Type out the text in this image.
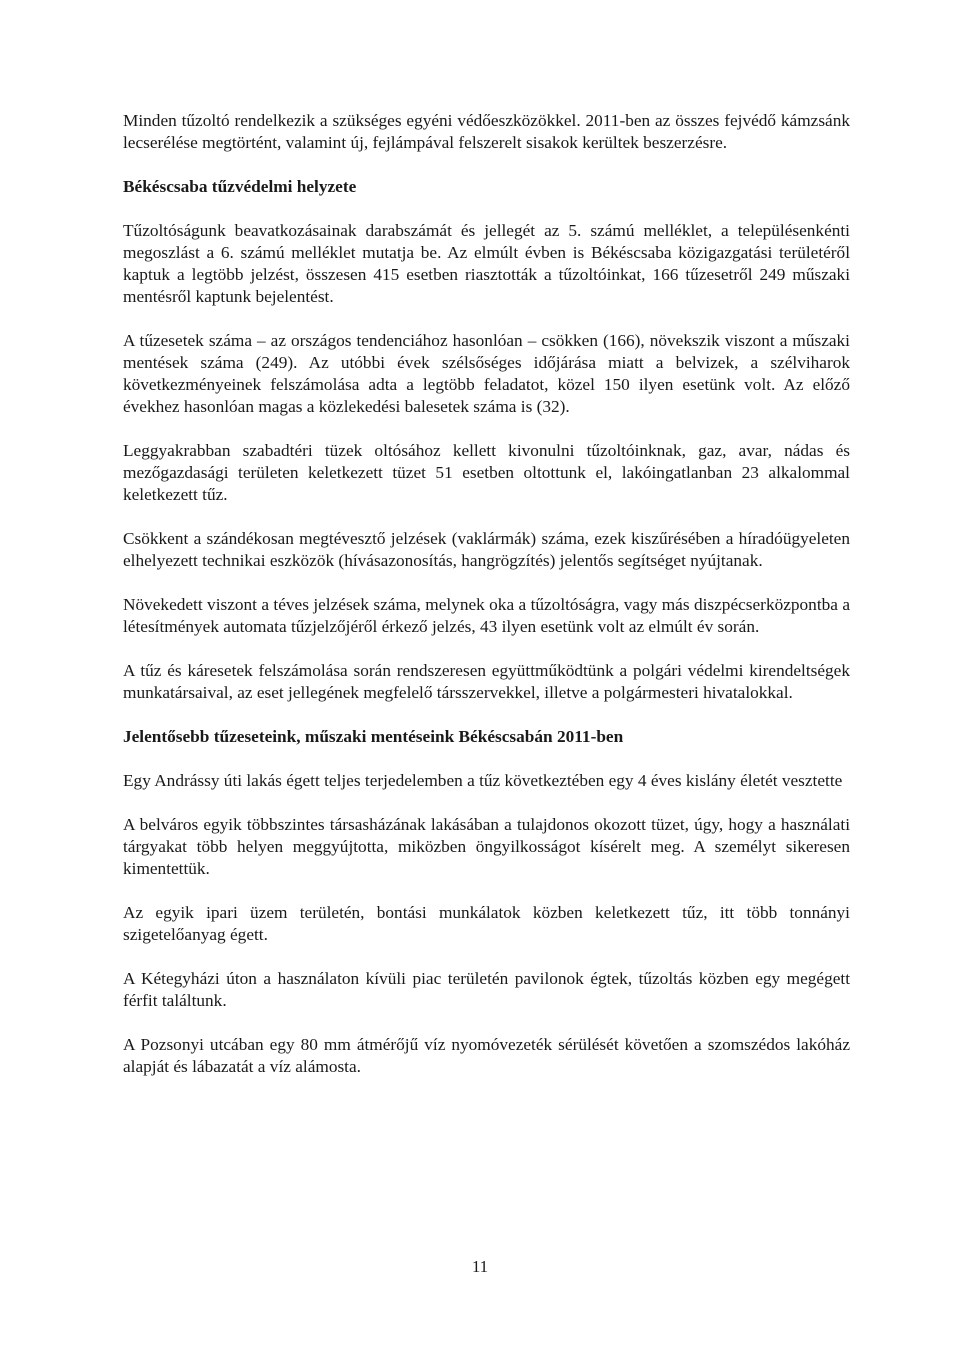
Minden tűzoltó rendelkezik a szükséges egyéni védőeszközökkel. 2011-ben az összes fejvédő kámzsánk lecserélése megtörtént, valamint új, fejlámpával felszerelt sisakok kerültek beszerzésre.

Békéscsaba tűzvédelmi helyzete

Tűzoltóságunk beavatkozásainak darabszámát és jellegét az 5. számú melléklet, a településenkénti megoszlást a 6. számú melléklet mutatja be. Az elmúlt évben is Békéscsaba közigazgatási területéről kaptuk a legtöbb jelzést, összesen 415 esetben riasztották a tűzoltóinkat, 166 tűzesetről 249 műszaki mentésről kaptunk bejelentést.

A tűzesetek száma – az országos tendenciához hasonlóan – csökken (166), növekszik viszont a műszaki mentések száma (249). Az utóbbi évek szélsőséges időjárása miatt a belvizek, a szélviharok következményeinek felszámolása adta a legtöbb feladatot, közel 150 ilyen esetünk volt. Az előző évekhez hasonlóan magas a közlekedési balesetek száma is (32).

Leggyakrabban szabadtéri tüzek oltósához kellett kivonulni tűzoltóinknak, gaz, avar, nádas és mezőgazdasági területen keletkezett tüzet 51 esetben oltottunk el, lakóingatlanban 23 alkalommal keletkezett tűz.

Csökkent a szándékosan megtévesztő jelzések (vaklármák) száma, ezek kiszűrésében a híradóügyeleten elhelyezett technikai eszközök (hívásazonosítás, hangrögzítés) jelentős segítséget nyújtanak.

Növekedett viszont a téves jelzések száma, melynek oka a tűzoltóságra, vagy más diszpécserközpontba a létesítmények automata tűzjelzőjéről érkező jelzés, 43 ilyen esetünk volt az elmúlt év során.

A tűz és káresetek felszámolása során rendszeresen együttműködtünk a polgári védelmi kirendeltségek munkatársaival, az eset jellegének megfelelő társszervekkel, illetve a polgármesteri hivatalokkal.

Jelentősebb tűzeseteink, műszaki mentéseink Békéscsabán 2011-ben

Egy Andrássy úti lakás égett teljes terjedelemben a tűz következtében egy 4 éves kislány életét vesztette

A belváros egyik többszintes társasházának lakásában a tulajdonos okozott tüzet, úgy, hogy a használati tárgyakat több helyen meggyújtotta, miközben öngyilkosságot kísérelt meg. A személyt sikeresen kimentettük.

Az egyik ipari üzem területén, bontási munkálatok közben keletkezett tűz, itt több tonnányi szigetelőanyag égett.

A Kétegyházi úton a használaton kívüli piac területén pavilonok égtek, tűzoltás közben egy megégett férfit találtunk.

A Pozsonyi utcában egy 80 mm átmérőjű víz nyomóvezeték sérülését követően a szomszédos lakóház alapját és lábazatát a víz alámosta.

11
